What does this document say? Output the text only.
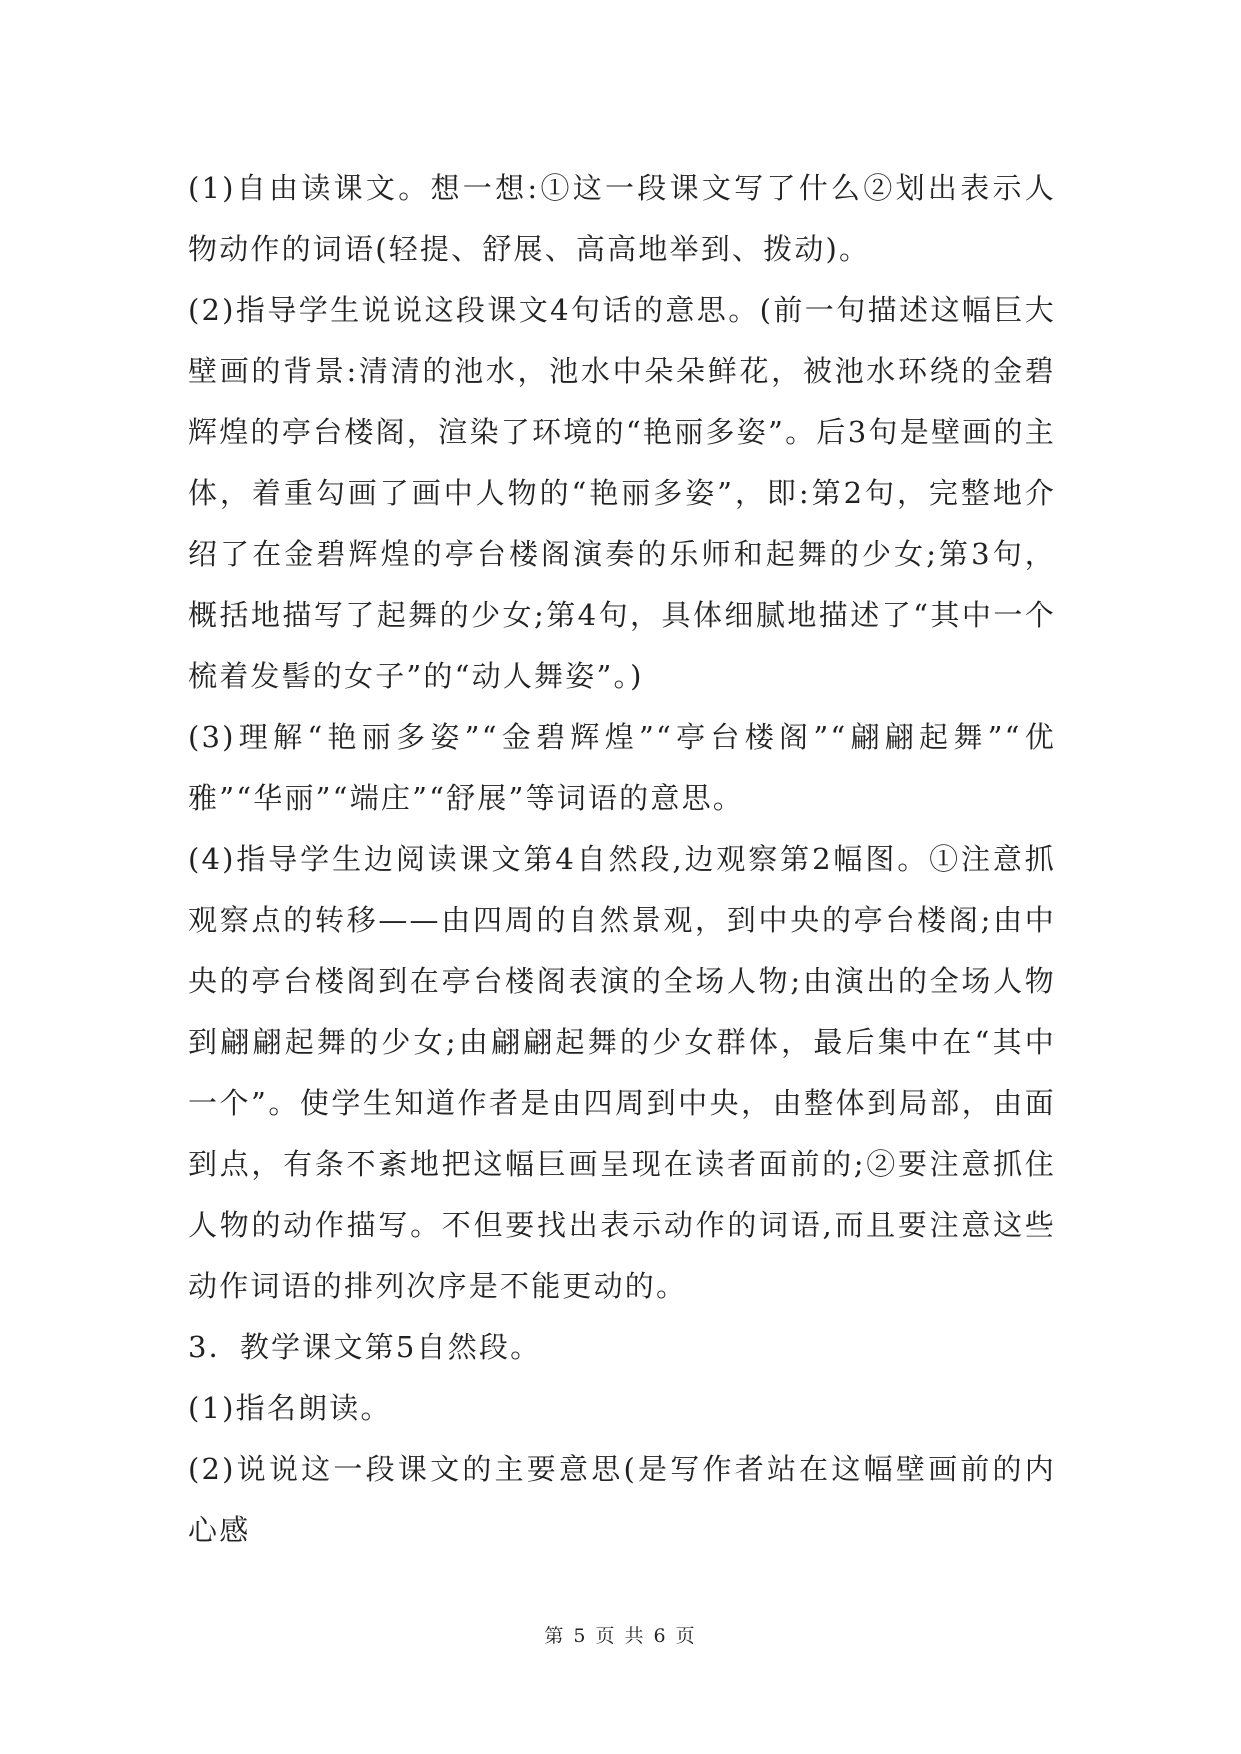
(1)自由读课文。想一想:①这一段课文写了什么②划出表示人物动作的词语(轻提、舒展、高高地举到、拨动)。

(2)指导学生说说这段课文4句话的意思。(前一句描述这幅巨大壁画的背景:清清的池水，池水中朵朵鲜花，被池水环绕的金碧辉煌的亭台楼阁，渲染了环境的“艳丽多姿”。后3句是壁画的主体，着重勾画了画中人物的“艳丽多姿”，即:第2句，完整地介绍了在金碧辉煌的亭台楼阁演奏的乐师和起舞的少女;第3句，概括地描写了起舞的少女;第4句，具体细腻地描述了“其中一个梳着发髻的女子”的“动人舞姿”。)

(3)理解“艳丽多姿”“金碧辉煌”“亭台楼阁”“翩翩起舞”“优雅”“华丽”“端庄”“舒展”等词语的意思。

(4)指导学生边阅读课文第4自然段,边观察第2幅图。①注意抓观察点的转移——由四周的自然景观，到中央的亭台楼阁;由中央的亭台楼阁到在亭台楼阁表演的全场人物;由演出的全场人物到翩翩起舞的少女;由翩翩起舞的少女群体，最后集中在“其中一个”。使学生知道作者是由四周到中央，由整体到局部，由面到点，有条不紊地把这幅巨画呈现在读者面前的;②要注意抓住人物的动作描写。不但要找出表示动作的词语,而且要注意这些动作词语的排列次序是不能更动的。

3．教学课文第5自然段。

(1)指名朗读。

(2)说说这一段课文的主要意思(是写作者站在这幅壁画前的内心感

第 5 页 共 6 页
